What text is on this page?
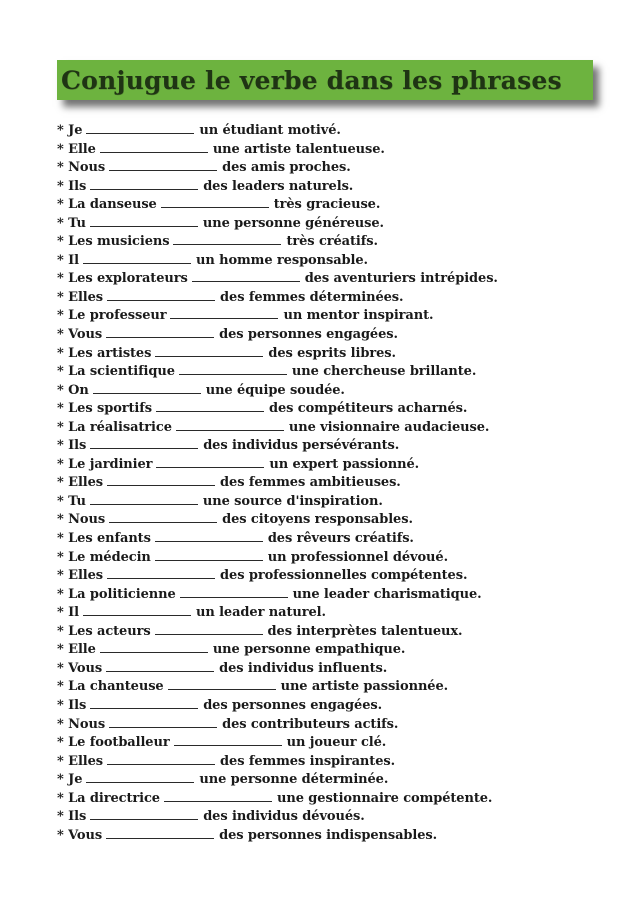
Conjugue le verbe dans les phrases
* Je	un étudiant motivé.
* Elle	une artiste talentueuse.
* Nous	des amis proches.
* Ils	des leaders naturels.
* La danseuse	très gracieuse.
* Tu	une personne généreuse.
* Les musiciens	très créatifs.
* Il	un homme responsable.
* Les explorateurs	des aventuriers intrépides.
* Elles	des femmes déterminées.
* Le professeur	un mentor inspirant.
* Vous	des personnes engagées.
* Les artistes	des esprits libres.
* La scientifique	une chercheuse brillante.
* On	une équipe soudée.
* Les sportifs	des compétiteurs acharnés.
* La réalisatrice	une visionnaire audacieuse.
* Ils	des individus persévérants.
* Le jardinier	un expert passionné.
* Elles	des femmes ambitieuses.
* Tu	une source d'inspiration.
* Nous	des citoyens responsables.
* Les enfants	des rêveurs créatifs.
* Le médecin	un professionnel dévoué.
* Elles	des professionnelles compétentes.
* La politicienne	une leader charismatique.
* Il	un leader naturel.
* Les acteurs	des interprètes talentueux.
* Elle	une personne empathique.
* Vous	des individus influents.
* La chanteuse	une artiste passionnée.
* Ils	des personnes engagées.
* Nous	des contributeurs actifs.
* Le footballeur	un joueur clé.
* Elles	des femmes inspirantes.
* Je	une personne déterminée.
* La directrice	une gestionnaire compétente.
* Ils	des individus dévoués.
* Vous	des personnes indispensables.
